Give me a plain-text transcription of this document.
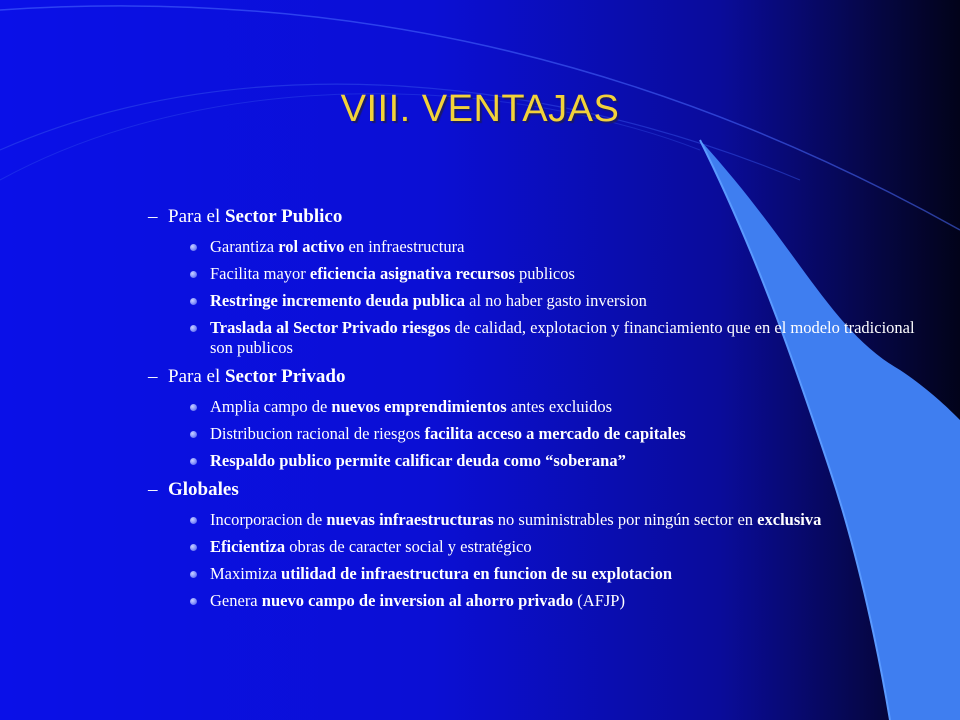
VIII. VENTAJAS
– Para el Sector Publico
Garantiza rol activo en infraestructura
Facilita mayor eficiencia asignativa recursos publicos
Restringe incremento deuda publica al no haber gasto inversion
Traslada al Sector Privado riesgos de calidad, explotacion y financiamiento que en el modelo tradicional son publicos
– Para el Sector Privado
Amplia campo de nuevos emprendimientos antes excluidos
Distribucion racional de riesgos facilita acceso a mercado de capitales
Respaldo publico permite calificar deuda como “soberana”
– Globales
Incorporacion de nuevas infraestructuras no suministrables por ningún sector en exclusiva
Eficientiza obras de caracter social y estratégico
Maximiza utilidad de infraestructura en funcion de su explotacion
Genera nuevo campo de inversion al ahorro privado (AFJP)
